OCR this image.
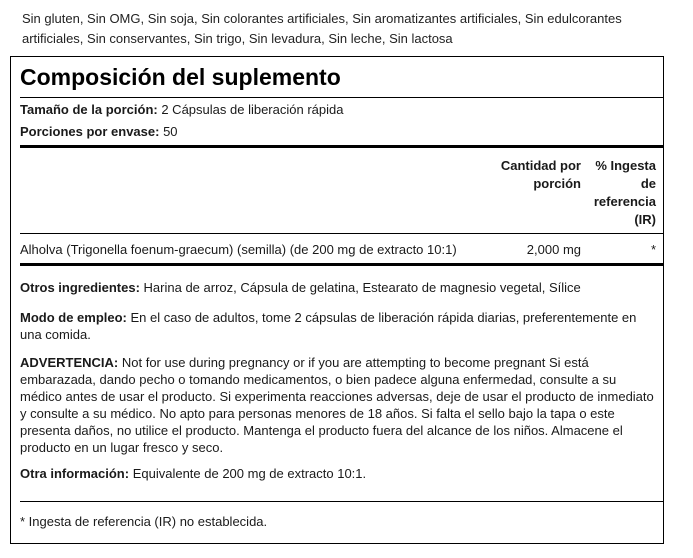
Sin gluten, Sin OMG, Sin soja, Sin colorantes artificiales, Sin aromatizantes artificiales, Sin edulcorantes artificiales, Sin conservantes, Sin trigo, Sin levadura, Sin leche, Sin lactosa
Composición del suplemento
Tamaño de la porción: 2 Cápsulas de liberación rápida
Porciones por envase: 50
Cantidad por porción
% Ingesta de referencia (IR)
Alholva (Trigonella foenum-graecum) (semilla) (de 200 mg de extracto 10:1)	2,000 mg	*
Otros ingredientes: Harina de arroz, Cápsula de gelatina, Estearato de magnesio vegetal, Sílice
Modo de empleo: En el caso de adultos, tome 2 cápsulas de liberación rápida diarias, preferentemente en una comida.
ADVERTENCIA: Not for use during pregnancy or if you are attempting to become pregnant Si está embarazada, dando pecho o tomando medicamentos, o bien padece alguna enfermedad, consulte a su médico antes de usar el producto. Si experimenta reacciones adversas, deje de usar el producto de inmediato y consulte a su médico. No apto para personas menores de 18 años. Si falta el sello bajo la tapa o este presenta daños, no utilice el producto. Mantenga el producto fuera del alcance de los niños. Almacene el producto en un lugar fresco y seco.
Otra información: Equivalente de 200 mg de extracto 10:1.
* Ingesta de referencia (IR) no establecida.
